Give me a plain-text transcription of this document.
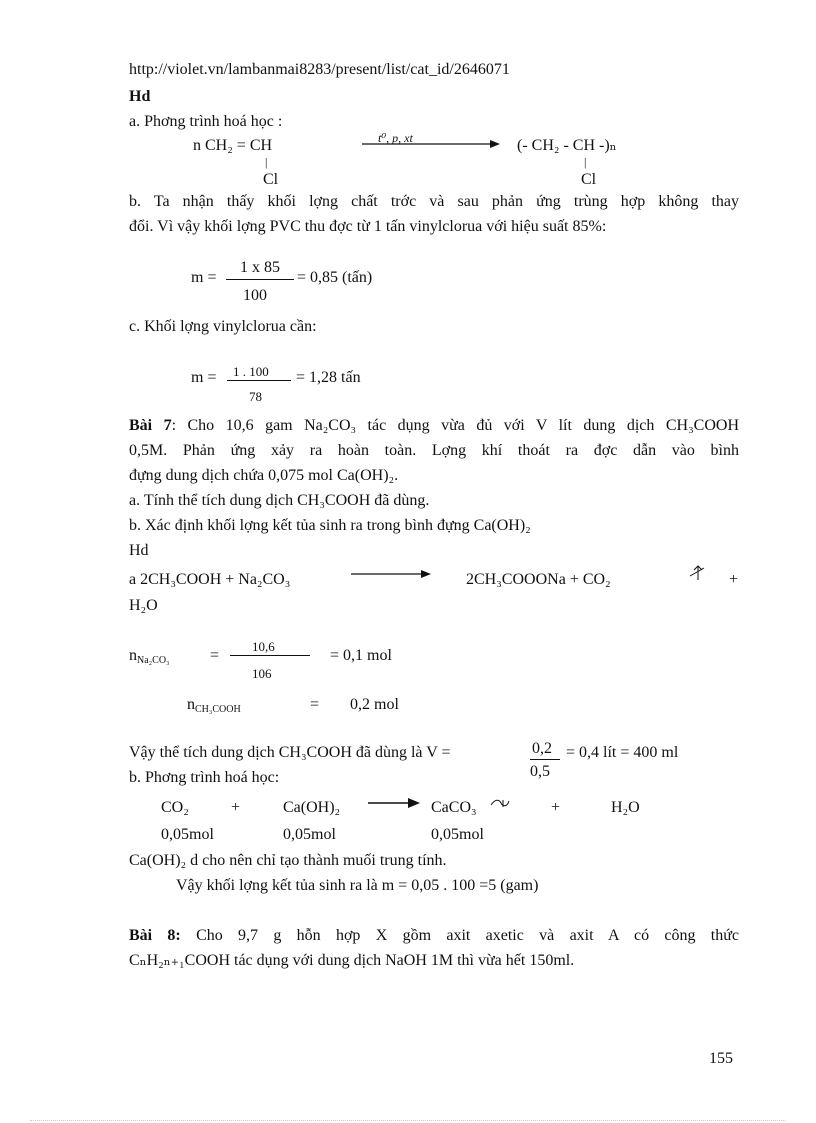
http://violet.vn/lambanmai8283/present/list/cat_id/2646071
Hd
a. Phơng trình hoá học :
n CH₂ = CH
|
Cl
t⁰, p, xt	(- CH₂ - CH -)ₙ
|
Cl
b. Ta nhận thấy khối lợng chất trớc và sau phản ứng trùng hợp không thay
đổi. Vì vậy khối lợng PVC thu đợc từ 1 tấn vinylclorua với hiệu suất 85%:
m =
1 x 85
100
= 0,85 (tấn)
c. Khối lợng vinylclorua cần:
m = 1 . 100
78
= 1,28 tấn
Bài 7: Cho 10,6 gam Na₂CO₃ tác dụng vừa đủ với V lít dung dịch CH₃COOH
0,5M. Phản ứng xảy ra hoàn toàn. Lợng khí thoát ra đợc dẫn vào bình
đựng dung dịch chứa 0,075 mol Ca(OH)₂.
a. Tính thể tích dung dịch CH₃COOH đã dùng.
b. Xác định khối lợng kết tủa sinh ra trong bình đựng Ca(OH)₂
Hd
a 2CH₃COOH + Na₂CO₃	2CH₃COOONa + CO₂	+
H₂O
$n_{Na_2CO_3}$	=
10,6
106
= 0,1 mol
$n_{CH_3COOH}$	= 0,2 mol
Vậy thể tích dung dịch CH₃COOH đã dùng là V =	0,2
0,5
= 0,4 lít = 400 ml
b. Phơng trình hoá học:
CO₂	+	Ca(OH)₂	CaCO₃	+	H₂O
0,05mol	0,05mol	0,05mol
Ca(OH)₂ d cho nên chỉ tạo thành muối trung tính.
Vậy khối lợng kết tủa sinh ra là m = 0,05 . 100 =5 (gam)
Bài 8: Cho 9,7 g hỗn hợp X gồm axit axetic và axit A có công thức
CₙH₂ₙ₊₁COOH tác dụng với dung dịch NaOH 1M thì vừa hết 150ml.
155
